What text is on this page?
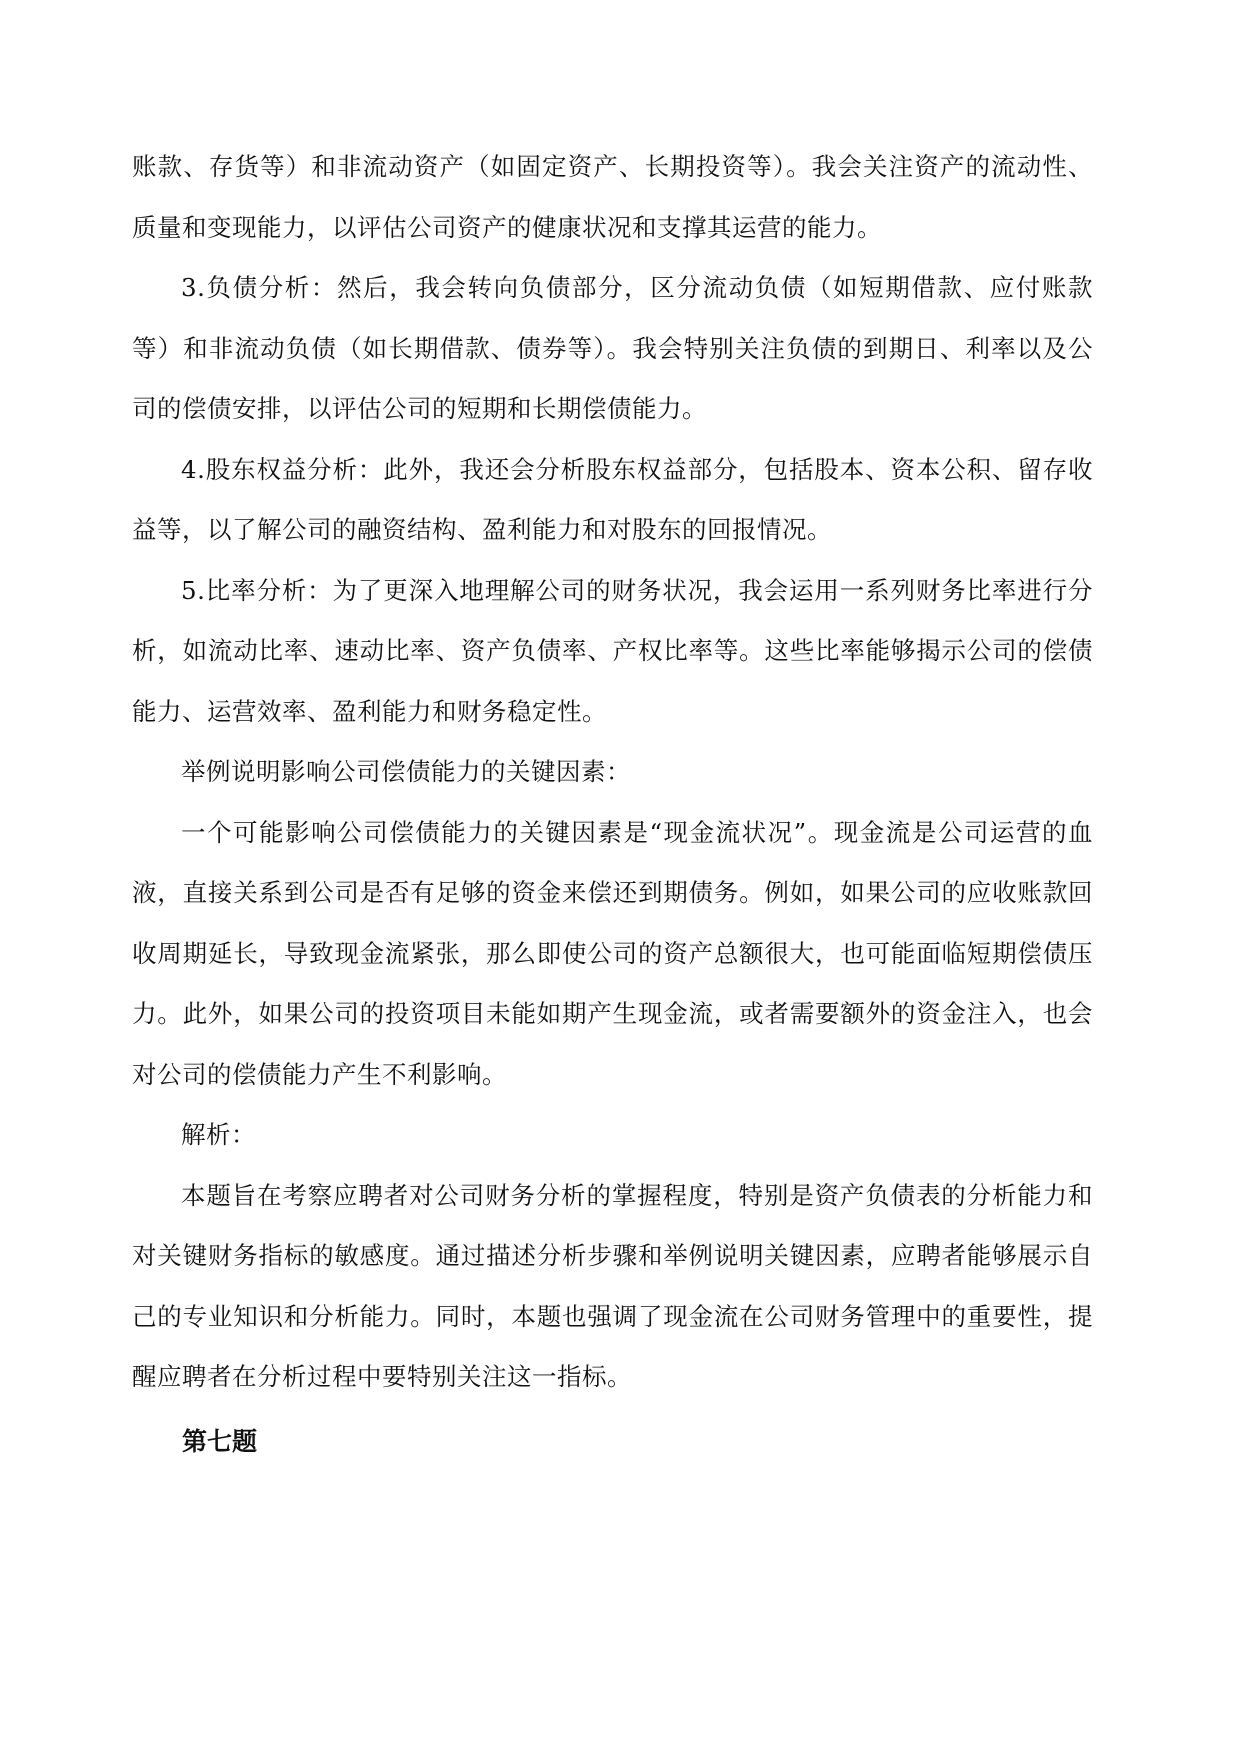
账款、存货等）和非流动资产（如固定资产、长期投资等）。我会关注资产的流动性、质量和变现能力，以评估公司资产的健康状况和支撑其运营的能力。

3.负债分析：然后，我会转向负债部分，区分流动负债（如短期借款、应付账款等）和非流动负债（如长期借款、债券等）。我会特别关注负债的到期日、利率以及公司的偿债安排，以评估公司的短期和长期偿债能力。

4.股东权益分析：此外，我还会分析股东权益部分，包括股本、资本公积、留存收益等，以了解公司的融资结构、盈利能力和对股东的回报情况。

5.比率分析：为了更深入地理解公司的财务状况，我会运用一系列财务比率进行分析，如流动比率、速动比率、资产负债率、产权比率等。这些比率能够揭示公司的偿债能力、运营效率、盈利能力和财务稳定性。

举例说明影响公司偿债能力的关键因素：

一个可能影响公司偿债能力的关键因素是“现金流状况”。现金流是公司运营的血液，直接关系到公司是否有足够的资金来偿还到期债务。例如，如果公司的应收账款回收周期延长，导致现金流紧张，那么即使公司的资产总额很大，也可能面临短期偿债压力。此外，如果公司的投资项目未能如期产生现金流，或者需要额外的资金注入，也会对公司的偿债能力产生不利影响。

解析：

本题旨在考察应聘者对公司财务分析的掌握程度，特别是资产负债表的分析能力和对关键财务指标的敏感度。通过描述分析步骤和举例说明关键因素，应聘者能够展示自己的专业知识和分析能力。同时，本题也强调了现金流在公司财务管理中的重要性，提醒应聘者在分析过程中要特别关注这一指标。

第七题
